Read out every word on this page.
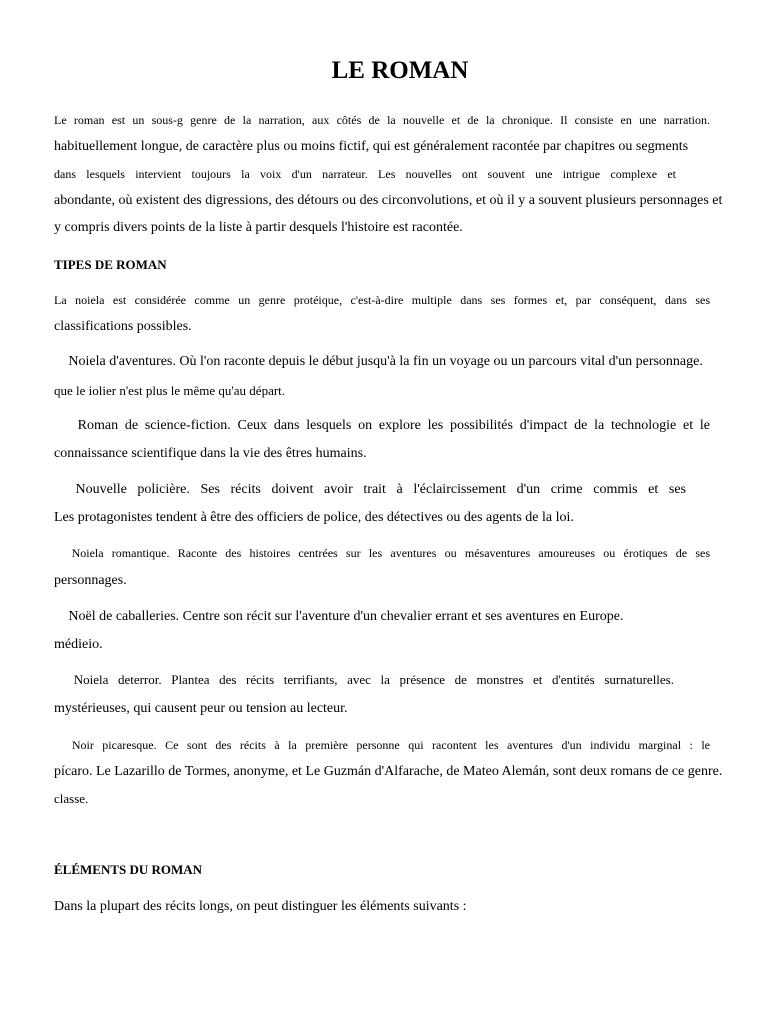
LE ROMAN

Le roman est un sous-g genre de la narration, aux côtés de la nouvelle et de la chronique. Il consiste en une narration.

habituellement longue, de caractère plus ou moins fictif, qui est généralement racontée par chapitres ou segments

dans lesquels intervient toujours la voix d'un narrateur. Les nouvelles ont souvent une intrigue complexe et

abondante, où existent des digressions, des détours ou des circonvolutions, et où il y a souvent plusieurs personnages et

y compris divers points de la liste à partir desquels l'histoire est racontée.

TIPES DE ROMAN

La noiela est considérée comme un genre protéique, c'est-à-dire multiple dans ses formes et, par conséquent, dans ses

classifications possibles.

Noiela d'aventures. Où l'on raconte depuis le début jusqu'à la fin un voyage ou un parcours vital d'un personnage.

que le iolier n'est plus le même qu'au départ.

Roman de science-fiction. Ceux dans lesquels on explore les possibilités d'impact de la technologie et le

connaissance scientifique dans la vie des êtres humains.

Nouvelle policière. Ses récits doivent avoir trait à l'éclaircissement d'un crime commis et ses

Les protagonistes tendent à être des officiers de police, des détectives ou des agents de la loi.

Noiela romantique. Raconte des histoires centrées sur les aventures ou mésaventures amoureuses ou érotiques de ses

personnages.

Noël de caballeries. Centre son récit sur l'aventure d'un chevalier errant et ses aventures en Europe.

médieio.

Noiela deterror. Plantea des récits terrifiants, avec la présence de monstres et d'entités surnaturelles.

mystérieuses, qui causent peur ou tension au lecteur.

Noir picaresque. Ce sont des récits à la première personne qui racontent les aventures d'un individu marginal : le

pícaro. Le Lazarillo de Tormes, anonyme, et Le Guzmán d'Alfarache, de Mateo Alemán, sont deux romans de ce genre.

classe.

ÉLÉMENTS DU ROMAN

Dans la plupart des récits longs, on peut distinguer les éléments suivants :
